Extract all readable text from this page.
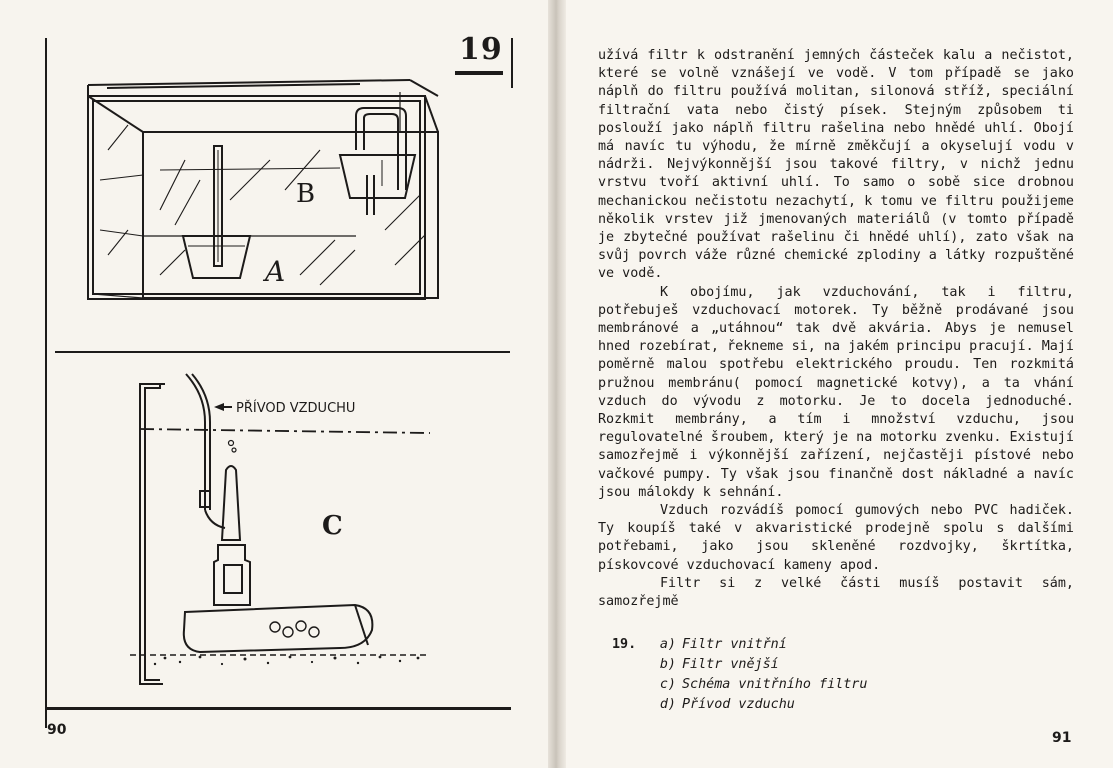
19
B
A
PŘÍVOD VZDUCHU
C
90	91

užívá filtr k odstranění jemných částeček kalu a nečistot, které se volně vznášejí ve vodě. V tom případě se jako náplň do filtru používá molitan, silonová stříž, speciální filtrační vata nebo čistý písek. Stejným způsobem ti poslouží jako náplň filtru rašelina nebo hnědé uhlí. Obojí má navíc tu výhodu, že mírně změkčují a okyselují vodu v nádrži. Nejvýkonnější jsou takové filtry, v nichž jednu vrstvu tvoří aktivní uhlí. To samo o sobě sice drobnou mechanickou nečistotu nezachytí, k tomu ve filtru použijeme několik vrstev již jmenovaných materiálů (v tomto případě je zbytečné používat rašelinu či hnědé uhlí), zato však na svůj povrch váže různé chemické zplodiny a látky rozpuštěné ve vodě.

K obojímu, jak vzduchování, tak i filtru, potřebuješ vzduchovací motorek. Ty běžně prodávané jsou membránové a „utáhnou“ tak dvě akvária. Abys je nemusel hned rozebírat, řekneme si, na jakém principu pracují. Mají poměrně malou spotřebu elektrického proudu. Ten rozkmitá pružnou membránu( pomocí magnetické kotvy), a ta vhání vzduch do vývodu z motorku. Je to docela jednoduché. Rozkmit membrány, a tím i množství vzduchu, jsou regulovatelné šroubem, který je na motorku zvenku. Existují samozřejmě i výkonnější zařízení, nejčastěji pístové nebo vačkové pumpy. Ty však jsou finančně dost nákladné a navíc jsou málokdy k sehnání.

Vzduch rozvádíš pomocí gumových nebo PVC hadiček. Ty koupíš také v akvaristické prodejně spolu s dalšími potřebami, jako jsou skleněné rozdvojky, škrtítka, pískovcové vzduchovací kameny apod.

Filtr si z velké části musíš postavit sám, samozřejmě

19. a) Filtr vnitřní
b) Filtr vnější
c) Schéma vnitřního filtru
d) Přívod vzduchu
